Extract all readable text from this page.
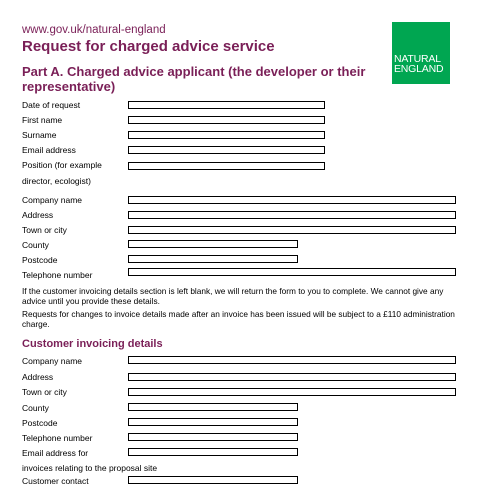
www.gov.uk/natural-england
Request for charged advice service
NATURAL
ENGLAND
Part A. Charged advice applicant (the developer or their representative)
Date of request
First name
Surname
Email address
Position (for example
director, ecologist)
Company name
Address
Town or city
County
Postcode
Telephone number
If the customer invoicing details section is left blank, we will return the form to you to complete. We cannot give any advice until you provide these details.
Requests for changes to invoice details made after an invoice has been issued will be subject to a £110 administration charge.
Customer invoicing details
Company name
Address
Town or city
County
Postcode
Telephone number
Email address for
invoices relating to the proposal site
Customer contact
